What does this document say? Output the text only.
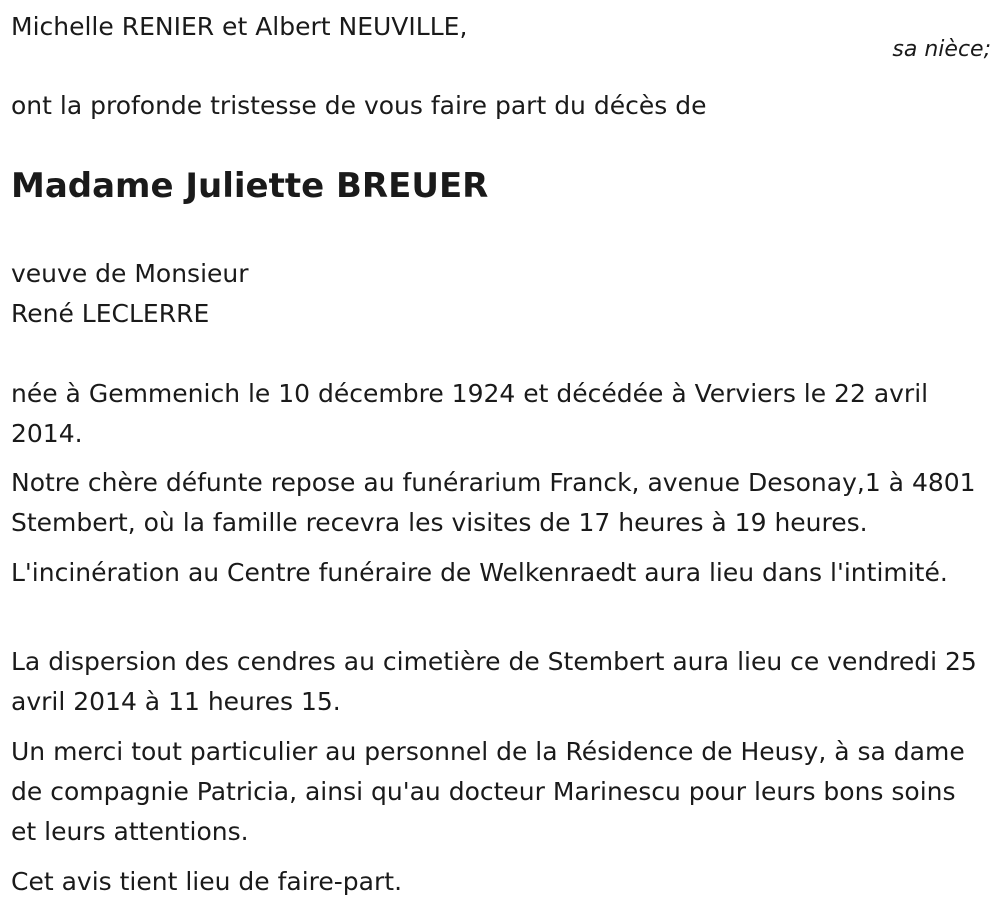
Michelle RENIER et Albert NEUVILLE,
sa nièce;
ont la profonde tristesse de vous faire part du décès de
Madame Juliette BREUER
veuve de Monsieur
René LECLERRE
née à Gemmenich le 10 décembre 1924 et décédée à Verviers le 22 avril 2014.
Notre chère défunte repose au funérarium Franck, avenue Desonay,1 à 4801 Stembert, où la famille recevra les visites de 17 heures à 19 heures.
L'incinération au Centre funéraire de Welkenraedt aura lieu dans l'intimité.
La dispersion des cendres au cimetière de Stembert aura lieu ce vendredi 25 avril 2014 à 11 heures 15.
Un merci tout particulier au personnel de la Résidence de Heusy, à sa dame de compagnie Patricia, ainsi qu'au docteur Marinescu pour leurs bons soins et leurs attentions.
Cet avis tient lieu de faire-part.
